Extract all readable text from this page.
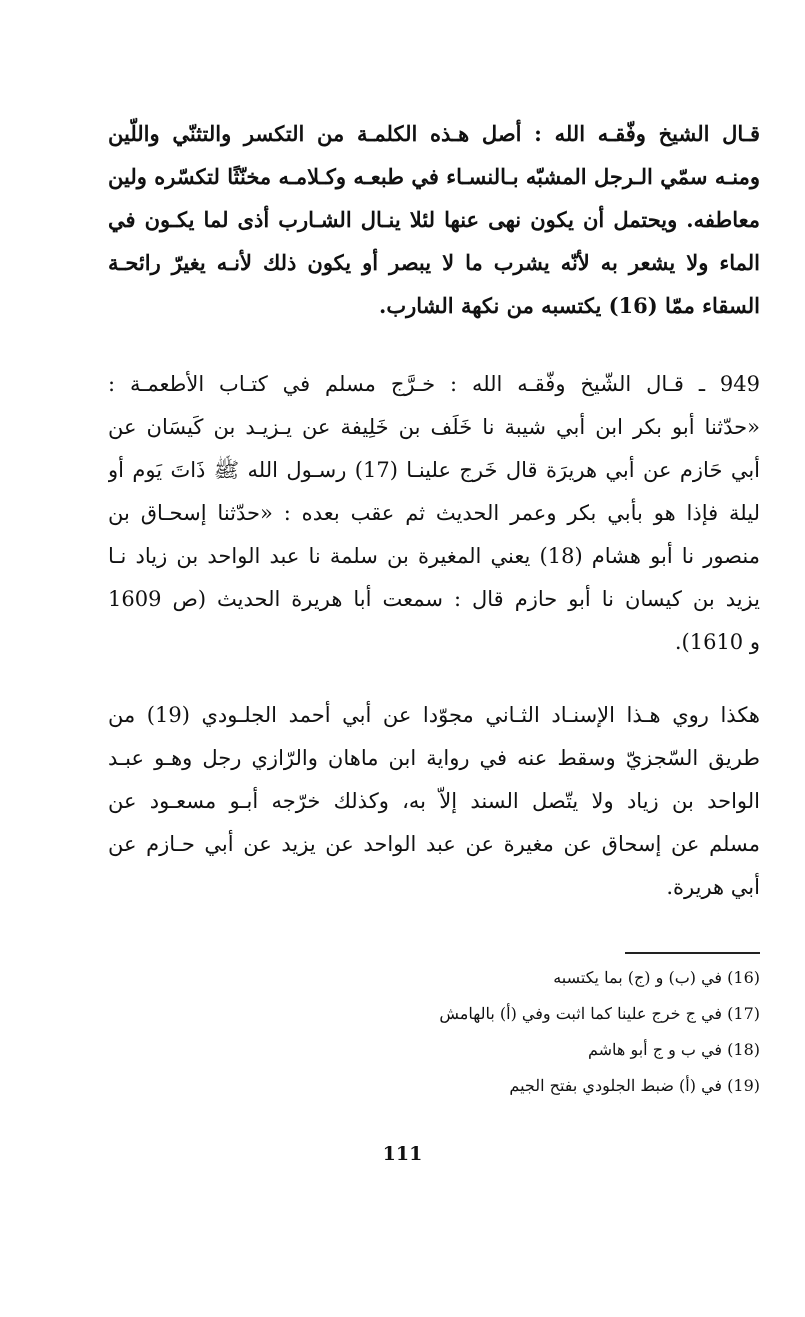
قـال الشيخ وفّقـه الله : أصل هـذه الكلمـة من التكسر والتثنّي واللّين
ومنـه سمّي الـرجل المشبّه بـالنسـاء في طبعـه وكـلامـه مخنّثًا لتكسّره ولين
معاطفه. ويحتمل أن يكون نهى عنها لئلا ينـال الشـارب أذى لما يكـون في
الماء ولا يشعر به لأنّه يشرب ما لا يبصر أو يكون ذلك لأنـه يغيرّ رائحـة
السقاء ممّا (16) يكتسبه من نكهة الشارب.
949 ـ قـال الشّيخ وفّقـه الله : خـرَّج مسلم في كتـاب الأطعمـة :
«حدّثنا أبو بكر ابن أبي شيبة نا خَلَف بن خَلِيفة عن يـزيـد بن كَيسَان عن
أبي حَازم عن أبي هريرَة قال خَرج علينـا (17) رسـول الله ﷺ ذَاتَ يَوم أو
ليلة فإذا هو بأبي بكر وعمر الحديث ثم عقب بعده : «حدّثنا إسحـاق بن
منصور نا أبو هشام (18) يعني المغيرة بن سلمة نا عبد الواحد بن زياد نـا
يزيد بن كيسان نا أبو حازم قال : سمعت أبا هريرة الحديث (ص 1609
و 1610).
هكذا روي هـذا الإسنـاد الثـاني مجوّدا عن أبي أحمد الجلـودي (19) من
طريق السّجزيّ وسقط عنه في رواية ابن ماهان والرّازي رجل وهـو عبـد
الواحد بن زياد ولا يتّصل السند إلاّ به، وكذلك خرّجه أبـو مسعـود عن
مسلم عن إسحاق عن مغيرة عن عبد الواحد عن يزيد عن أبي حـازم عن
أبي هريرة.
(16) في (ب) و (ج) بما يكتسبه
(17) في ج خرج علينا كما اثبت وفي (أ) بالهامش
(18) في ب و ج أبو هاشم
(19) في (أ) ضبط الجلودي بفتح الجيم
111
